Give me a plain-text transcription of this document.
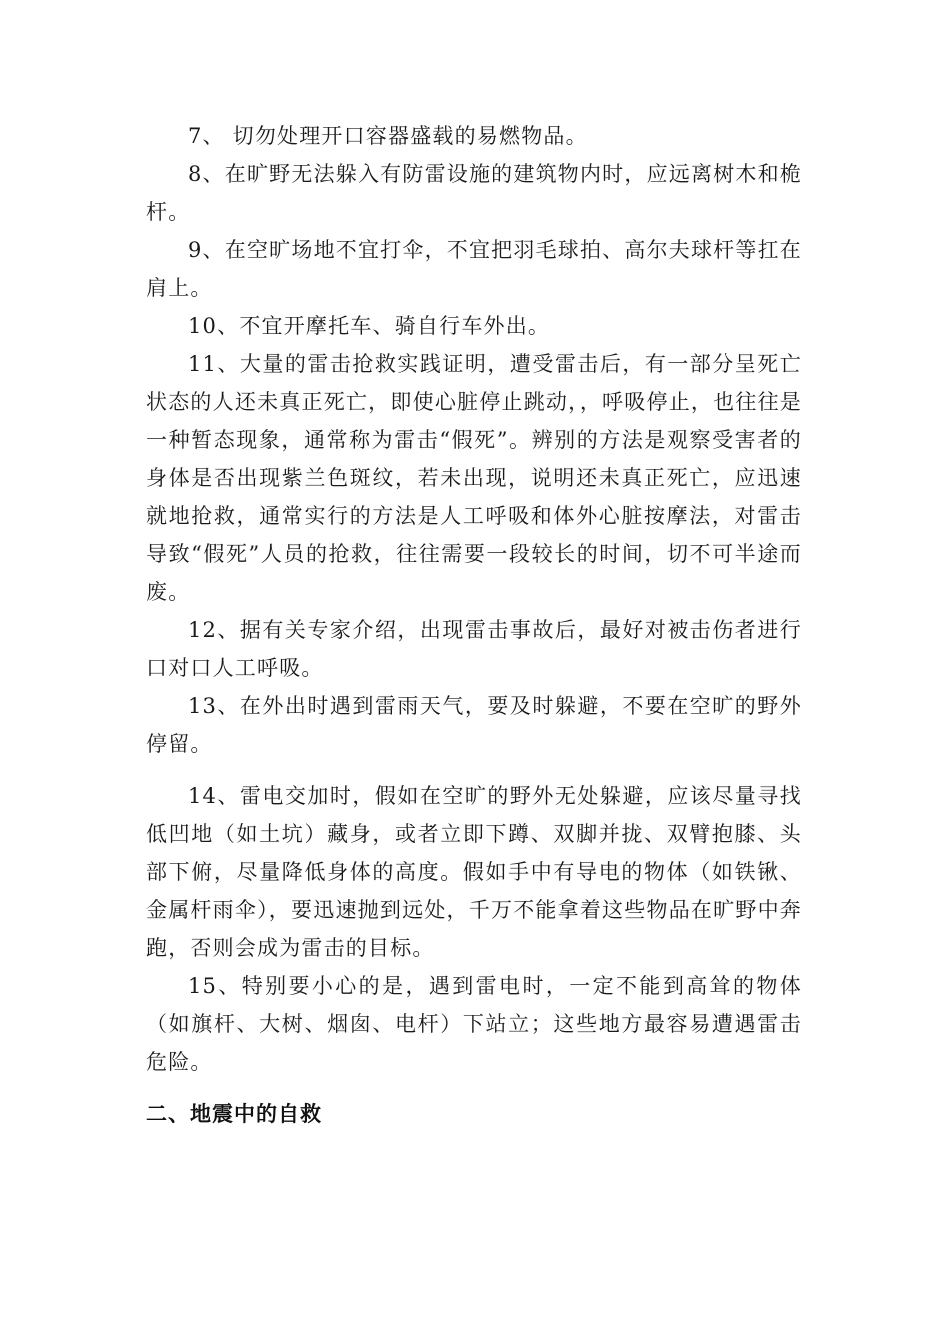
7、 切勿处理开口容器盛载的易燃物品。

8、在旷野无法躲入有防雷设施的建筑物内时，应远离树木和桅杆。

9、在空旷场地不宜打伞，不宜把羽毛球拍、高尔夫球杆等扛在肩上。

10、不宜开摩托车、骑自行车外出。

11、大量的雷击抢救实践证明，遭受雷击后，有一部分呈死亡状态的人还未真正死亡，即使心脏停止跳动，，呼吸停止，也往往是一种暂态现象，通常称为雷击“假死”。辨别的方法是观察受害者的身体是否出现紫兰色斑纹，若未出现，说明还未真正死亡，应迅速就地抢救，通常实行的方法是人工呼吸和体外心脏按摩法，对雷击导致“假死”人员的抢救，往往需要一段较长的时间，切不可半途而废。

12、据有关专家介绍，出现雷击事故后，最好对被击伤者进行口对口人工呼吸。

13、在外出时遇到雷雨天气，要及时躲避，不要在空旷的野外停留。

14、雷电交加时，假如在空旷的野外无处躲避，应该尽量寻找低凹地（如土坑）藏身，或者立即下蹲、双脚并拢、双臂抱膝、头部下俯，尽量降低身体的高度。假如手中有导电的物体（如铁锹、金属杆雨伞），要迅速抛到远处，千万不能拿着这些物品在旷野中奔跑，否则会成为雷击的目标。

15、特别要小心的是，遇到雷电时，一定不能到高耸的物体（如旗杆、大树、烟囱、电杆）下站立；这些地方最容易遭遇雷击危险。

二、地震中的自救
